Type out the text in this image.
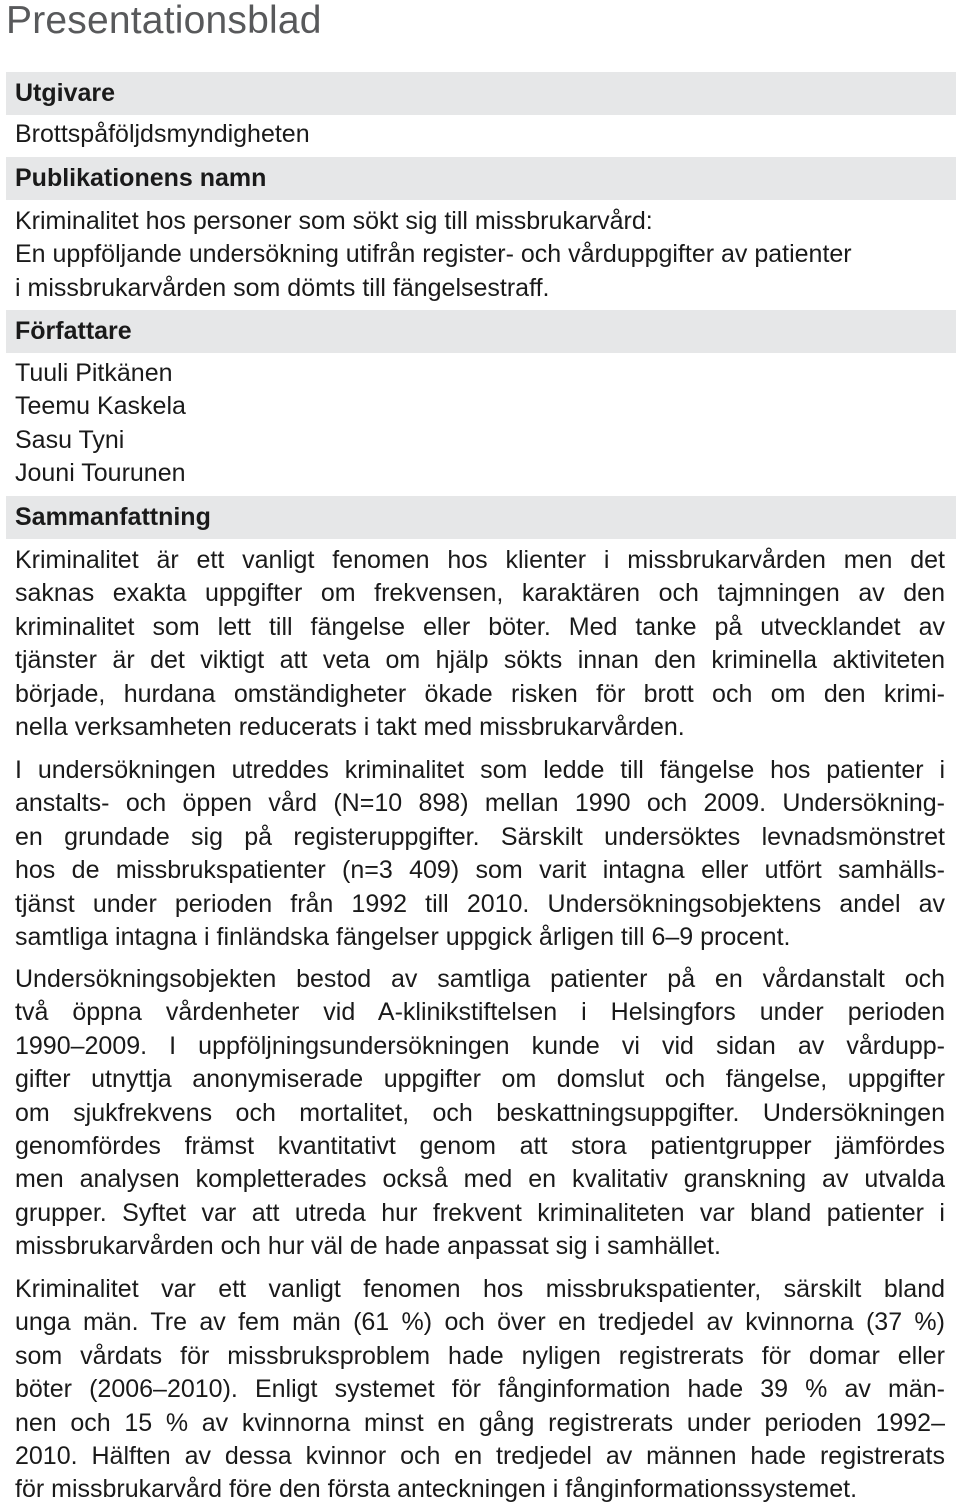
Presentationsblad
Utgivare
Brottspåföljdsmyndigheten
Publikationens namn
Kriminalitet hos personer som sökt sig till missbrukarvård:
En uppföljande undersökning utifrån register- och vårduppgifter av patienter
i missbrukarvården som dömts till fängelsestraff.
Författare
Tuuli Pitkänen
Teemu Kaskela
Sasu Tyni
Jouni Tourunen
Sammanfattning
Kriminalitet är ett vanligt fenomen hos klienter i missbrukarvården men det
saknas exakta uppgifter om frekvensen, karaktären och tajmningen av den
kriminalitet som lett till fängelse eller böter. Med tanke på utvecklandet av
tjänster är det viktigt att veta om hjälp sökts innan den kriminella aktiviteten
började, hurdana omständigheter ökade risken för brott och om den krimi-
nella verksamheten reducerats i takt med missbrukarvården.
I undersökningen utreddes kriminalitet som ledde till fängelse hos patienter i
anstalts- och öppen vård (N=10 898) mellan 1990 och 2009. Undersökning-
en grundade sig på registeruppgifter. Särskilt undersöktes levnadsmönstret
hos de missbrukspatienter (n=3 409) som varit intagna eller utfört samhälls-
tjänst under perioden från 1992 till 2010. Undersökningsobjektens andel av
samtliga intagna i finländska fängelser uppgick årligen till 6–9 procent.
Undersökningsobjekten bestod av samtliga patienter på en vårdanstalt och
två öppna vårdenheter vid A-klinikstiftelsen i Helsingfors under perioden
1990–2009. I uppföljningsundersökningen kunde vi vid sidan av vårdupp-
gifter utnyttja anonymiserade uppgifter om domslut och fängelse, uppgifter
om sjukfrekvens och mortalitet, och beskattningsuppgifter. Undersökningen
genomfördes främst kvantitativt genom att stora patientgrupper jämfördes
men analysen kompletterades också med en kvalitativ granskning av utvalda
grupper. Syftet var att utreda hur frekvent kriminaliteten var bland patienter i
missbrukarvården och hur väl de hade anpassat sig i samhället.
Kriminalitet var ett vanligt fenomen hos missbrukspatienter, särskilt bland
unga män. Tre av fem män (61 %) och över en tredjedel av kvinnorna (37 %)
som vårdats för missbruksproblem hade nyligen registrerats för domar eller
böter (2006–2010). Enligt systemet för fånginformation hade 39 % av män-
nen och 15 % av kvinnorna minst en gång registrerats under perioden 1992–
2010. Hälften av dessa kvinnor och en tredjedel av männen hade registrerats
för missbrukarvård före den första anteckningen i fånginformationssystemet.
